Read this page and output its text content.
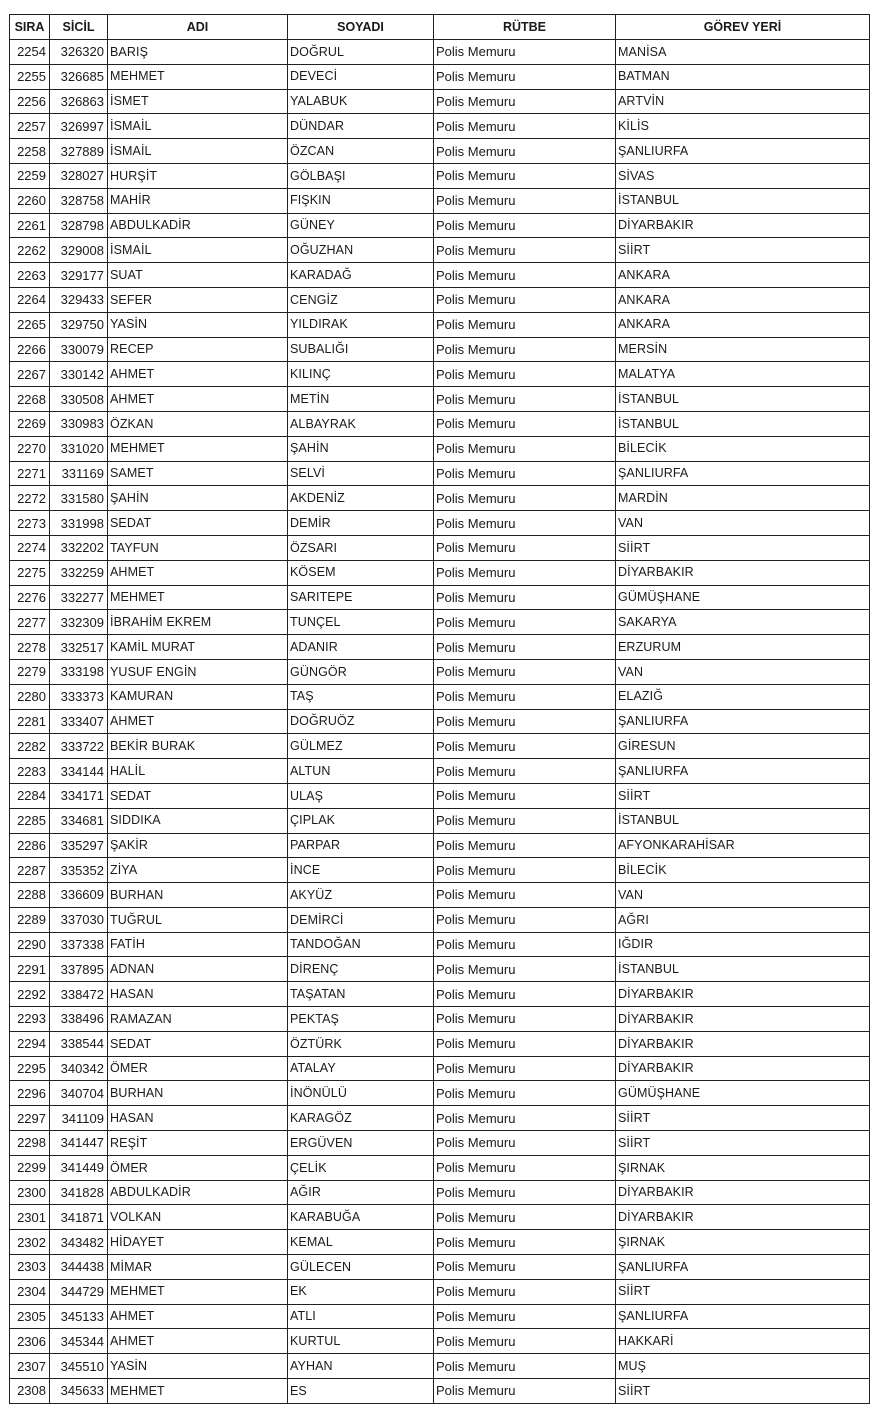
SIRA	SİCİL	ADI	SOYADI	RÜTBE	GÖREV YERİ
2254	326320	BARIŞ	DOĞRUL	Polis Memuru	MANİSA
2255	326685	MEHMET	DEVECİ	Polis Memuru	BATMAN
2256	326863	İSMET	YALABUK	Polis Memuru	ARTVİN
2257	326997	İSMAİL	DÜNDAR	Polis Memuru	KİLİS
2258	327889	İSMAİL	ÖZCAN	Polis Memuru	ŞANLIURFA
2259	328027	HURŞİT	GÖLBAŞI	Polis Memuru	SİVAS
2260	328758	MAHİR	FIŞKIN	Polis Memuru	İSTANBUL
2261	328798	ABDULKADİR	GÜNEY	Polis Memuru	DİYARBAKIR
2262	329008	İSMAİL	OĞUZHAN	Polis Memuru	SİİRT
2263	329177	SUAT	KARADAĞ	Polis Memuru	ANKARA
2264	329433	SEFER	CENGİZ	Polis Memuru	ANKARA
2265	329750	YASİN	YILDIRAK	Polis Memuru	ANKARA
2266	330079	RECEP	SUBALIĞI	Polis Memuru	MERSİN
2267	330142	AHMET	KILINÇ	Polis Memuru	MALATYA
2268	330508	AHMET	METİN	Polis Memuru	İSTANBUL
2269	330983	ÖZKAN	ALBAYRAK	Polis Memuru	İSTANBUL
2270	331020	MEHMET	ŞAHİN	Polis Memuru	BİLECİK
2271	331169	SAMET	SELVİ	Polis Memuru	ŞANLIURFA
2272	331580	ŞAHİN	AKDENİZ	Polis Memuru	MARDİN
2273	331998	SEDAT	DEMİR	Polis Memuru	VAN
2274	332202	TAYFUN	ÖZSARI	Polis Memuru	SİİRT
2275	332259	AHMET	KÖSEM	Polis Memuru	DİYARBAKIR
2276	332277	MEHMET	SARITEPE	Polis Memuru	GÜMÜŞHANE
2277	332309	İBRAHİM EKREM	TUNÇEL	Polis Memuru	SAKARYA
2278	332517	KAMİL MURAT	ADANIR	Polis Memuru	ERZURUM
2279	333198	YUSUF ENGİN	GÜNGÖR	Polis Memuru	VAN
2280	333373	KAMURAN	TAŞ	Polis Memuru	ELAZIĞ
2281	333407	AHMET	DOĞRUÖZ	Polis Memuru	ŞANLIURFA
2282	333722	BEKİR BURAK	GÜLMEZ	Polis Memuru	GİRESUN
2283	334144	HALİL	ALTUN	Polis Memuru	ŞANLIURFA
2284	334171	SEDAT	ULAŞ	Polis Memuru	SİİRT
2285	334681	SIDDIKA	ÇIPLAK	Polis Memuru	İSTANBUL
2286	335297	ŞAKİR	PARPAR	Polis Memuru	AFYONKARAHİSAR
2287	335352	ZİYA	İNCE	Polis Memuru	BİLECİK
2288	336609	BURHAN	AKYÜZ	Polis Memuru	VAN
2289	337030	TUĞRUL	DEMİRCİ	Polis Memuru	AĞRI
2290	337338	FATİH	TANDOĞAN	Polis Memuru	IĞDIR
2291	337895	ADNAN	DİRENÇ	Polis Memuru	İSTANBUL
2292	338472	HASAN	TAŞATAN	Polis Memuru	DİYARBAKIR
2293	338496	RAMAZAN	PEKTAŞ	Polis Memuru	DİYARBAKIR
2294	338544	SEDAT	ÖZTÜRK	Polis Memuru	DİYARBAKIR
2295	340342	ÖMER	ATALAY	Polis Memuru	DİYARBAKIR
2296	340704	BURHAN	İNÖNÜLÜ	Polis Memuru	GÜMÜŞHANE
2297	341109	HASAN	KARAGÖZ	Polis Memuru	SİİRT
2298	341447	REŞİT	ERGÜVEN	Polis Memuru	SİİRT
2299	341449	ÖMER	ÇELİK	Polis Memuru	ŞIRNAK
2300	341828	ABDULKADİR	AĞIR	Polis Memuru	DİYARBAKIR
2301	341871	VOLKAN	KARABUĞA	Polis Memuru	DİYARBAKIR
2302	343482	HİDAYET	KEMAL	Polis Memuru	ŞIRNAK
2303	344438	MİMAR	GÜLECEN	Polis Memuru	ŞANLIURFA
2304	344729	MEHMET	EK	Polis Memuru	SİİRT
2305	345133	AHMET	ATLI	Polis Memuru	ŞANLIURFA
2306	345344	AHMET	KURTUL	Polis Memuru	HAKKARİ
2307	345510	YASİN	AYHAN	Polis Memuru	MUŞ
2308	345633	MEHMET	ES	Polis Memuru	SİİRT
